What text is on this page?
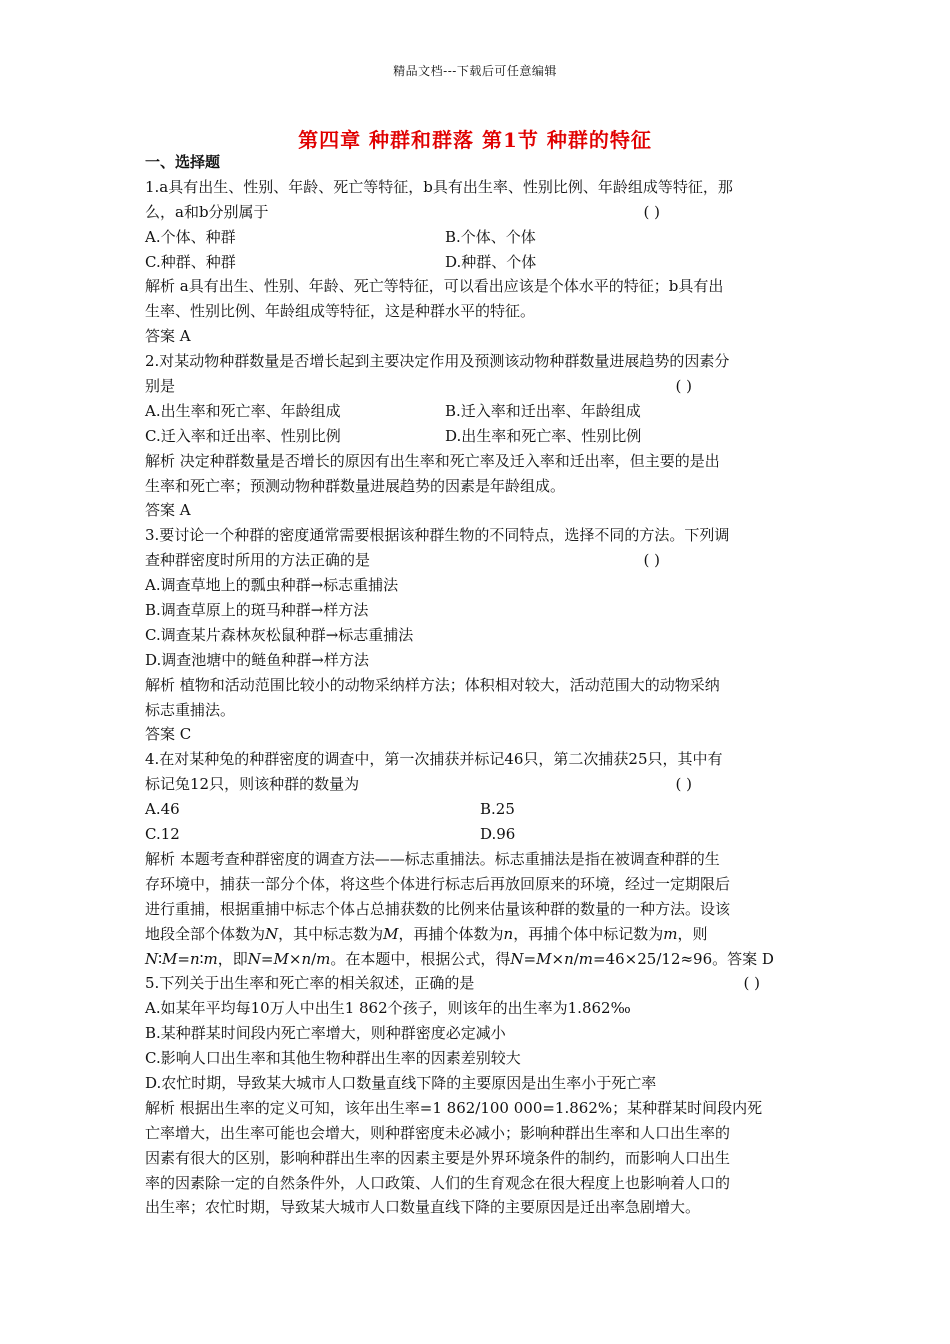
精品文档---下载后可任意编辑
第四章 种群和群落 第1节 种群的特征
一、选择题
1.a具有出生、性别、年龄、死亡等特征，b具有出生率、性别比例、年龄组成等特征，那
么，a和b分别属于	( )
A.个体、种群	B.个体、个体
C.种群、种群	D.种群、个体
解析 a具有出生、性别、年龄、死亡等特征，可以看出应该是个体水平的特征；b具有出
生率、性别比例、年龄组成等特征，这是种群水平的特征。
答案 A
2.对某动物种群数量是否增长起到主要决定作用及预测该动物种群数量进展趋势的因素分
别是	( )
A.出生率和死亡率、年龄组成	B.迁入率和迁出率、年龄组成
C.迁入率和迁出率、性别比例	D.出生率和死亡率、性别比例
解析 决定种群数量是否增长的原因有出生率和死亡率及迁入率和迁出率，但主要的是出
生率和死亡率；预测动物种群数量进展趋势的因素是年龄组成。
答案 A
3.要讨论一个种群的密度通常需要根据该种群生物的不同特点，选择不同的方法。下列调
查种群密度时所用的方法正确的是	( )
A.调查草地上的瓢虫种群→标志重捕法
B.调查草原上的斑马种群→样方法
C.调查某片森林灰松鼠种群→标志重捕法
D.调查池塘中的鲢鱼种群→样方法
解析 植物和活动范围比较小的动物采纳样方法；体积相对较大，活动范围大的动物采纳
标志重捕法。
答案 C
4.在对某种兔的种群密度的调查中，第一次捕获并标记46只，第二次捕获25只，其中有
标记兔12只，则该种群的数量为	( )
A.46	B.25
C.12	D.96
解析 本题考查种群密度的调查方法——标志重捕法。标志重捕法是指在被调查种群的生
存环境中，捕获一部分个体，将这些个体进行标志后再放回原来的环境，经过一定期限后
进行重捕，根据重捕中标志个体占总捕获数的比例来估量该种群的数量的一种方法。设该
地段全部个体数为N，其中标志数为M，再捕个体数为n，再捕个体中标记数为m，则
N∶M=n∶m，即N=M×n/m。在本题中，根据公式，得N=M×n/m=46×25/12≈96。答案 D
5.下列关于出生率和死亡率的相关叙述，正确的是	( )
A.如某年平均每10万人中出生1 862个孩子，则该年的出生率为1.862‰
B.某种群某时间段内死亡率增大，则种群密度必定减小
C.影响人口出生率和其他生物种群出生率的因素差别较大
D.农忙时期，导致某大城市人口数量直线下降的主要原因是出生率小于死亡率
解析 根据出生率的定义可知，该年出生率=1 862/100 000=1.862%；某种群某时间段内死
亡率增大，出生率可能也会增大，则种群密度未必减小；影响种群出生率和人口出生率的
因素有很大的区别，影响种群出生率的因素主要是外界环境条件的制约，而影响人口出生
率的因素除一定的自然条件外，人口政策、人们的生育观念在很大程度上也影响着人口的
出生率；农忙时期，导致某大城市人口数量直线下降的主要原因是迁出率急剧增大。
